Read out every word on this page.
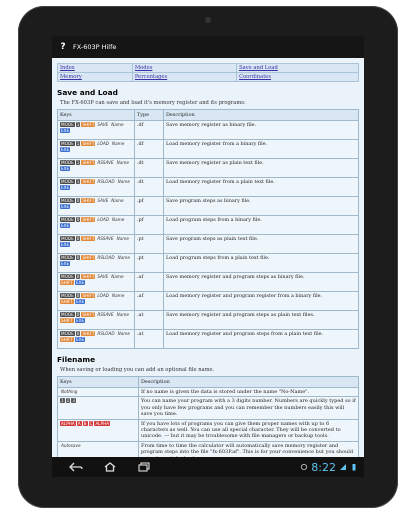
?	FX-603P Hilfe
Index	Modes	Save and Load
Memory	Percentages	Coordinates
Save and Load

The FX-603P can save and load it's memory register and its programs:

Keys	Type	Description
MODE 1 SHIFT SAVE NameEXE	.df	Save memory register as binary file.
MODE 1 SHIFT LOAD NameEXE	.df	Load memory register from a binary file.
MODE 1 SHIFT RSSAVE NameEXE	.dt	Save memory register as plain text file.
MODE 1 SHIFT RSLOAD NameEXE	.dt	Load memory register from a plain text file.
MODE 0 SHIFT SAVE NameEXE	.pf	Save program steps as binary file.
MODE 0 SHIFT LOAD NameEXE	.pf	Load program steps from a binary file.
MODE 0 SHIFT RSSAVE NameEXE	.pt	Save program steps as plain text file.
MODE 0 SHIFT RSLOAD NameEXE	.pt	Load program steps from a plain text file.
MODE 0 SHIFT SAVE NameSHIFT EXE	.af	Save memory register and program steps as binary file.
MODE 0 SHIFT LOAD NameSHIFT EXE	.af	Load memory register and program register from a binary file.
MODE 0 SHIFT RSSAVE NameSHIFT EXE	.at	Save memory register and program steps as plain text files.
MODE 0 SHIFT RSLOAD NameSHIFT EXE	.at	Load memory register and program steps from a plain text file.
Filename

When saving or loading you can add an optional file name.

Keys	Description
Nothing	If no name is given the data is stored under the name "No-Name".
1 2 3	You can name your program with a 3 digits number. Numbers are quickly typed so if you only have few programs and you can remember the numbers easily this will save you time.
ALPHA A B C ALPHA	If you have lots of programs you can give them proper names with up to 6 characters as well. You can use all special character. They will be converted to unicode. — but it may be troublesome with file managers or backup tools.
Autosave	From time to time the calculator will automatically save memory register and program steps into the file "fx-603P.af". This is for your convenience but you should
8:22
